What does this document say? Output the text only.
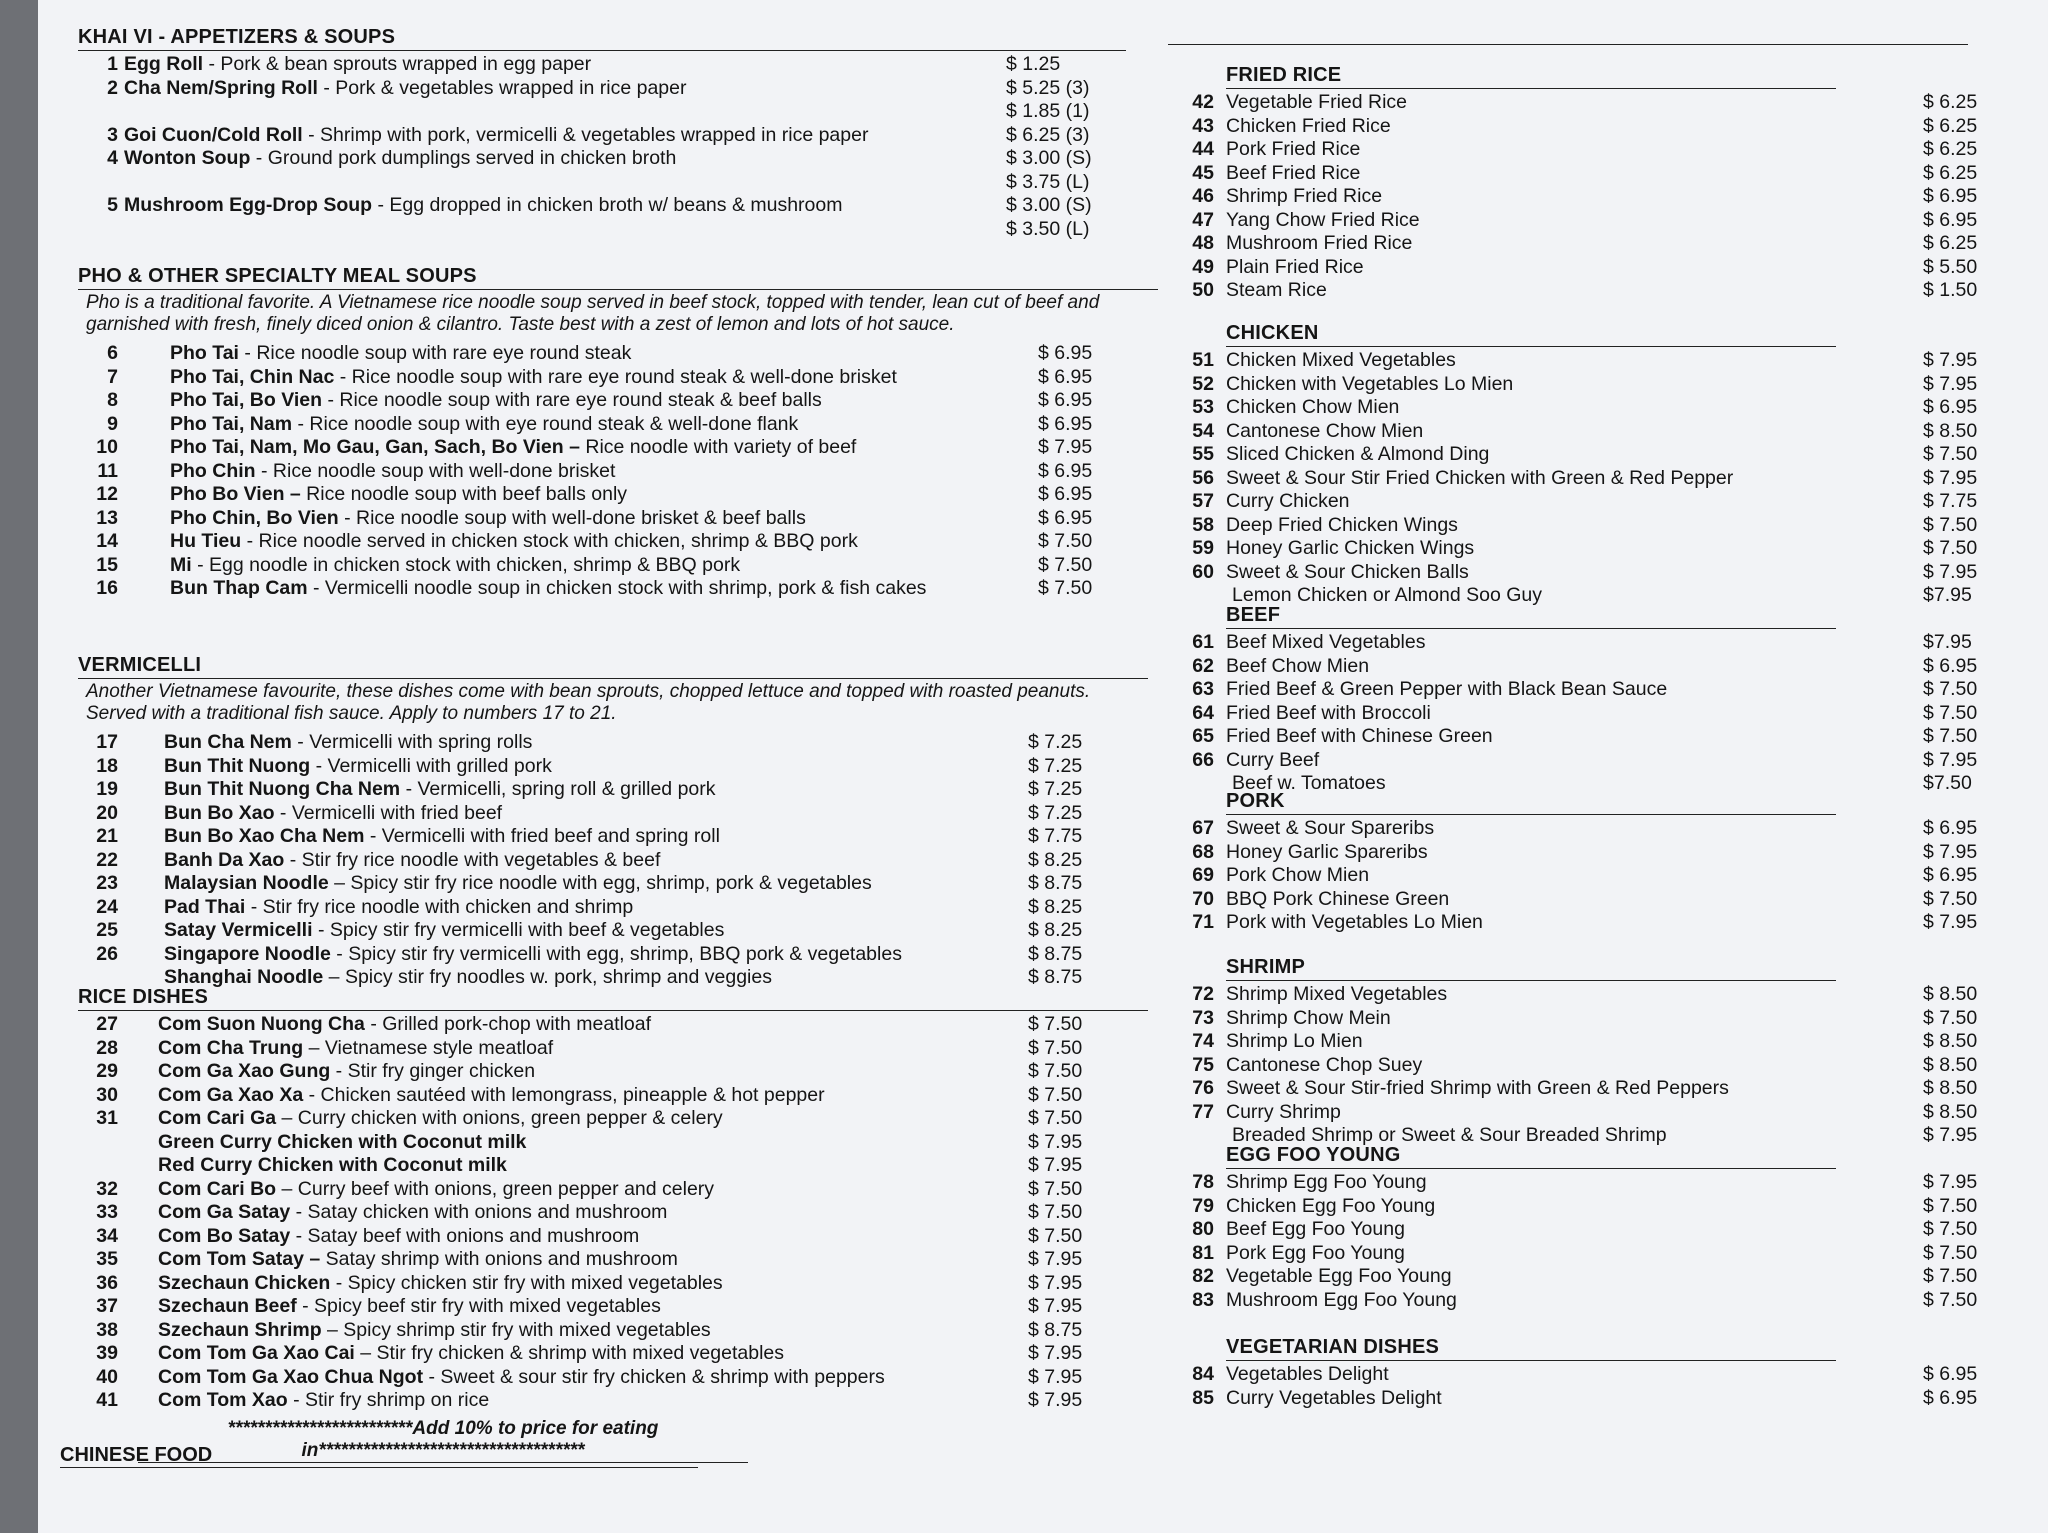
KHAI VI - APPETIZERS & SOUPS
1 Egg Roll - Pork & bean sprouts wrapped in egg paper	$ 1.25
2 Cha Nem/Spring Roll - Pork & vegetables wrapped in rice paper	$ 5.25 (3)
$ 1.85 (1)
3 Goi Cuon/Cold Roll - Shrimp with pork, vermicelli & vegetables wrapped in rice paper	$ 6.25 (3)
4 Wonton Soup - Ground pork dumplings served in chicken broth	$ 3.00 (S)
$ 3.75 (L)
5 Mushroom Egg-Drop Soup - Egg dropped in chicken broth w/ beans & mushroom	$ 3.00 (S)
$ 3.50 (L)
PHO & OTHER SPECIALTY MEAL SOUPS
Pho is a traditional favorite. A Vietnamese rice noodle soup served in beef stock, topped with tender, lean cut of beef and garnished with fresh, finely diced onion & cilantro. Taste best with a zest of lemon and lots of hot sauce.
6	Pho Tai - Rice noodle soup with rare eye round steak	$ 6.95
7	Pho Tai, Chin Nac - Rice noodle soup with rare eye round steak & well-done brisket	$ 6.95
8	Pho Tai, Bo Vien - Rice noodle soup with rare eye round steak & beef balls	$ 6.95
9	Pho Tai, Nam - Rice noodle soup with eye round steak & well-done flank	$ 6.95
10	Pho Tai, Nam, Mo Gau, Gan, Sach, Bo Vien – Rice noodle with variety of beef	$ 7.95
11	Pho Chin - Rice noodle soup with well-done brisket	$ 6.95
12	Pho Bo Vien – Rice noodle soup with beef balls only	$ 6.95
13	Pho Chin, Bo Vien - Rice noodle soup with well-done brisket & beef balls	$ 6.95
14	Hu Tieu - Rice noodle served in chicken stock with chicken, shrimp & BBQ pork	$ 7.50
15	Mi - Egg noodle in chicken stock with chicken, shrimp & BBQ pork	$ 7.50
16	Bun Thap Cam - Vermicelli noodle soup in chicken stock with shrimp, pork & fish cakes	$ 7.50
VERMICELLI
Another Vietnamese favourite, these dishes come with bean sprouts, chopped lettuce and topped with roasted peanuts. Served with a traditional fish sauce. Apply to numbers 17 to 21.
17 Bun Cha Nem - Vermicelli with spring rolls	$ 7.25
18 Bun Thit Nuong - Vermicelli with grilled pork	$ 7.25
19 Bun Thit Nuong Cha Nem - Vermicelli, spring roll & grilled pork	$ 7.25
20 Bun Bo Xao - Vermicelli with fried beef	$ 7.25
21 Bun Bo Xao Cha Nem - Vermicelli with fried beef and spring roll	$ 7.75
22 Banh Da Xao - Stir fry rice noodle with vegetables & beef	$ 8.25
23 Malaysian Noodle – Spicy stir fry rice noodle with egg, shrimp, pork & vegetables	$ 8.75
24 Pad Thai - Stir fry rice noodle with chicken and shrimp	$ 8.25
25 Satay Vermicelli - Spicy stir fry vermicelli with beef & vegetables	$ 8.25
26 Singapore Noodle - Spicy stir fry vermicelli with egg, shrimp, BBQ pork & vegetables	$ 8.75
Shanghai Noodle – Spicy stir fry noodles w. pork, shrimp and veggies	$ 8.75
RICE DISHES
27 Com Suon Nuong Cha - Grilled pork-chop with meatloaf	$ 7.50
28 Com Cha Trung – Vietnamese style meatloaf	$ 7.50
29 Com Ga Xao Gung - Stir fry ginger chicken	$ 7.50
30 Com Ga Xao Xa - Chicken sautéed with lemongrass, pineapple & hot pepper	$ 7.50
31 Com Cari Ga – Curry chicken with onions, green pepper & celery	$ 7.50
Green Curry Chicken with Coconut milk	$ 7.95
Red Curry Chicken with Coconut milk	$ 7.95
32 Com Cari Bo – Curry beef with onions, green pepper and celery	$ 7.50
33 Com Ga Satay - Satay chicken with onions and mushroom	$ 7.50
34 Com Bo Satay - Satay beef with onions and mushroom	$ 7.50
35 Com Tom Satay – Satay shrimp with onions and mushroom	$ 7.95
36 Szechaun Chicken - Spicy chicken stir fry with mixed vegetables	$ 7.95
37 Szechaun Beef - Spicy beef stir fry with mixed vegetables	$ 7.95
38 Szechaun Shrimp – Spicy shrimp stir fry with mixed vegetables	$ 8.75
39 Com Tom Ga Xao Cai – Stir fry chicken & shrimp with mixed vegetables	$ 7.95
40 Com Tom Ga Xao Chua Ngot - Sweet & sour stir fry chicken & shrimp with peppers	$ 7.95
41 Com Tom Xao - Stir fry shrimp on rice	$ 7.95
*************************Add 10% to price for eating in************************************
CHINESE FOOD
FRIED RICE
42 Vegetable Fried Rice	$ 6.25
43 Chicken Fried Rice	$ 6.25
44 Pork Fried Rice	$ 6.25
45 Beef Fried Rice	$ 6.25
46 Shrimp Fried Rice	$ 6.95
47 Yang Chow Fried Rice	$ 6.95
48 Mushroom Fried Rice	$ 6.25
49 Plain Fried Rice	$ 5.50
50 Steam Rice	$ 1.50
CHICKEN
51 Chicken Mixed Vegetables	$ 7.95
52 Chicken with Vegetables Lo Mien	$ 7.95
53 Chicken Chow Mien	$ 6.95
54 Cantonese Chow Mien	$ 8.50
55 Sliced Chicken & Almond Ding	$ 7.50
56 Sweet & Sour Stir Fried Chicken with Green & Red Pepper	$ 7.95
57 Curry Chicken	$ 7.75
58 Deep Fried Chicken Wings	$ 7.50
59 Honey Garlic Chicken Wings	$ 7.50
60 Sweet & Sour Chicken Balls	$ 7.95
Lemon Chicken or Almond Soo Guy	$7.95
BEEF
61 Beef Mixed Vegetables	$7.95
62 Beef Chow Mien	$ 6.95
63 Fried Beef & Green Pepper with Black Bean Sauce	$ 7.50
64 Fried Beef with Broccoli	$ 7.50
65 Fried Beef with Chinese Green	$ 7.50
66 Curry Beef	$ 7.95
Beef w. Tomatoes	$7.50
PORK
67 Sweet & Sour Spareribs	$ 6.95
68 Honey Garlic Spareribs	$ 7.95
69 Pork Chow Mien	$ 6.95
70 BBQ Pork Chinese Green	$ 7.50
71 Pork with Vegetables Lo Mien	$ 7.95
SHRIMP
72 Shrimp Mixed Vegetables	$ 8.50
73 Shrimp Chow Mein	$ 7.50
74 Shrimp Lo Mien	$ 8.50
75 Cantonese Chop Suey	$ 8.50
76 Sweet & Sour Stir-fried Shrimp with Green & Red Peppers	$ 8.50
77 Curry Shrimp	$ 8.50
Breaded Shrimp or Sweet & Sour Breaded Shrimp	$ 7.95
EGG FOO YOUNG
78 Shrimp Egg Foo Young	$ 7.95
79 Chicken Egg Foo Young	$ 7.50
80 Beef Egg Foo Young	$ 7.50
81 Pork Egg Foo Young	$ 7.50
82 Vegetable Egg Foo Young	$ 7.50
83 Mushroom Egg Foo Young	$ 7.50
VEGETARIAN DISHES
84 Vegetables Delight	$ 6.95
85 Curry Vegetables Delight	$ 6.95
